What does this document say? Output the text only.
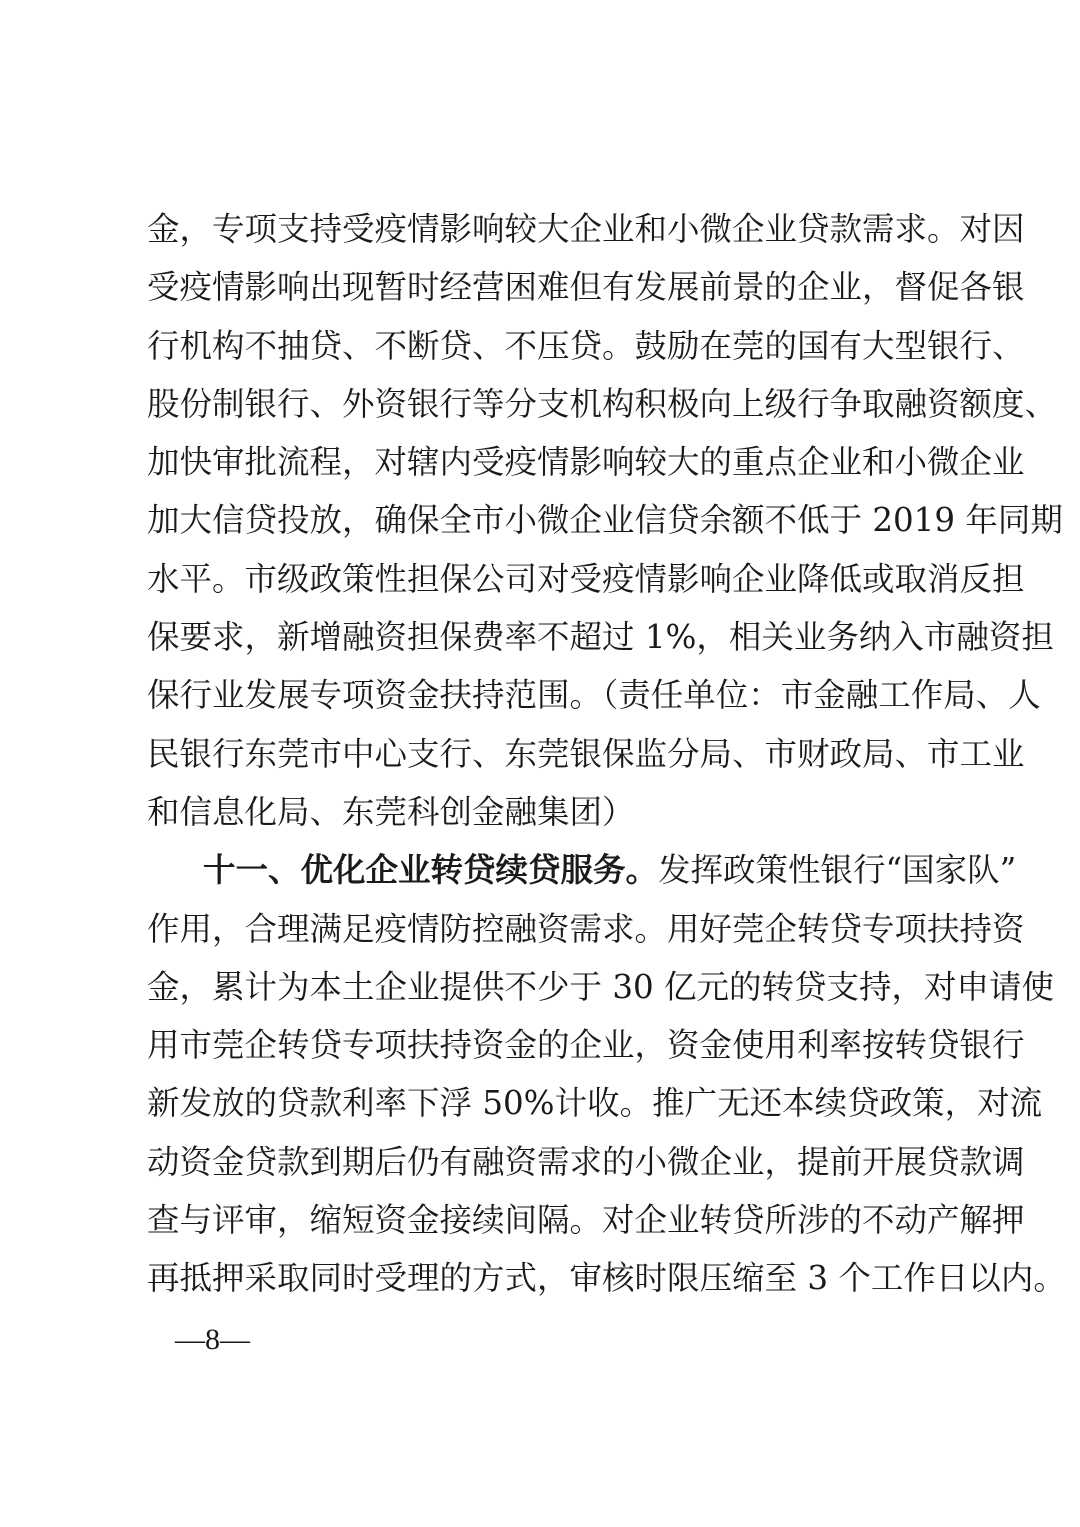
金，专项支持受疫情影响较大企业和小微企业贷款需求。对因
受疫情影响出现暂时经营困难但有发展前景的企业，督促各银
行机构不抽贷、不断贷、不压贷。鼓励在莞的国有大型银行、
股份制银行、外资银行等分支机构积极向上级行争取融资额度、
加快审批流程，对辖内受疫情影响较大的重点企业和小微企业
加大信贷投放，确保全市小微企业信贷余额不低于 2019 年同期
水平。市级政策性担保公司对受疫情影响企业降低或取消反担
保要求，新增融资担保费率不超过 1%，相关业务纳入市融资担
保行业发展专项资金扶持范围。（责任单位：市金融工作局、人
民银行东莞市中心支行、东莞银保监分局、市财政局、市工业
和信息化局、东莞科创金融集团）
十一、优化企业转贷续贷服务。发挥政策性银行“国家队”
作用，合理满足疫情防控融资需求。用好莞企转贷专项扶持资
金，累计为本土企业提供不少于 30 亿元的转贷支持，对申请使
用市莞企转贷专项扶持资金的企业，资金使用利率按转贷银行
新发放的贷款利率下浮 50%计收。推广无还本续贷政策，对流
动资金贷款到期后仍有融资需求的小微企业，提前开展贷款调
查与评审，缩短资金接续间隔。对企业转贷所涉的不动产解押
再抵押采取同时受理的方式，审核时限压缩至 3 个工作日以内。
—8—
